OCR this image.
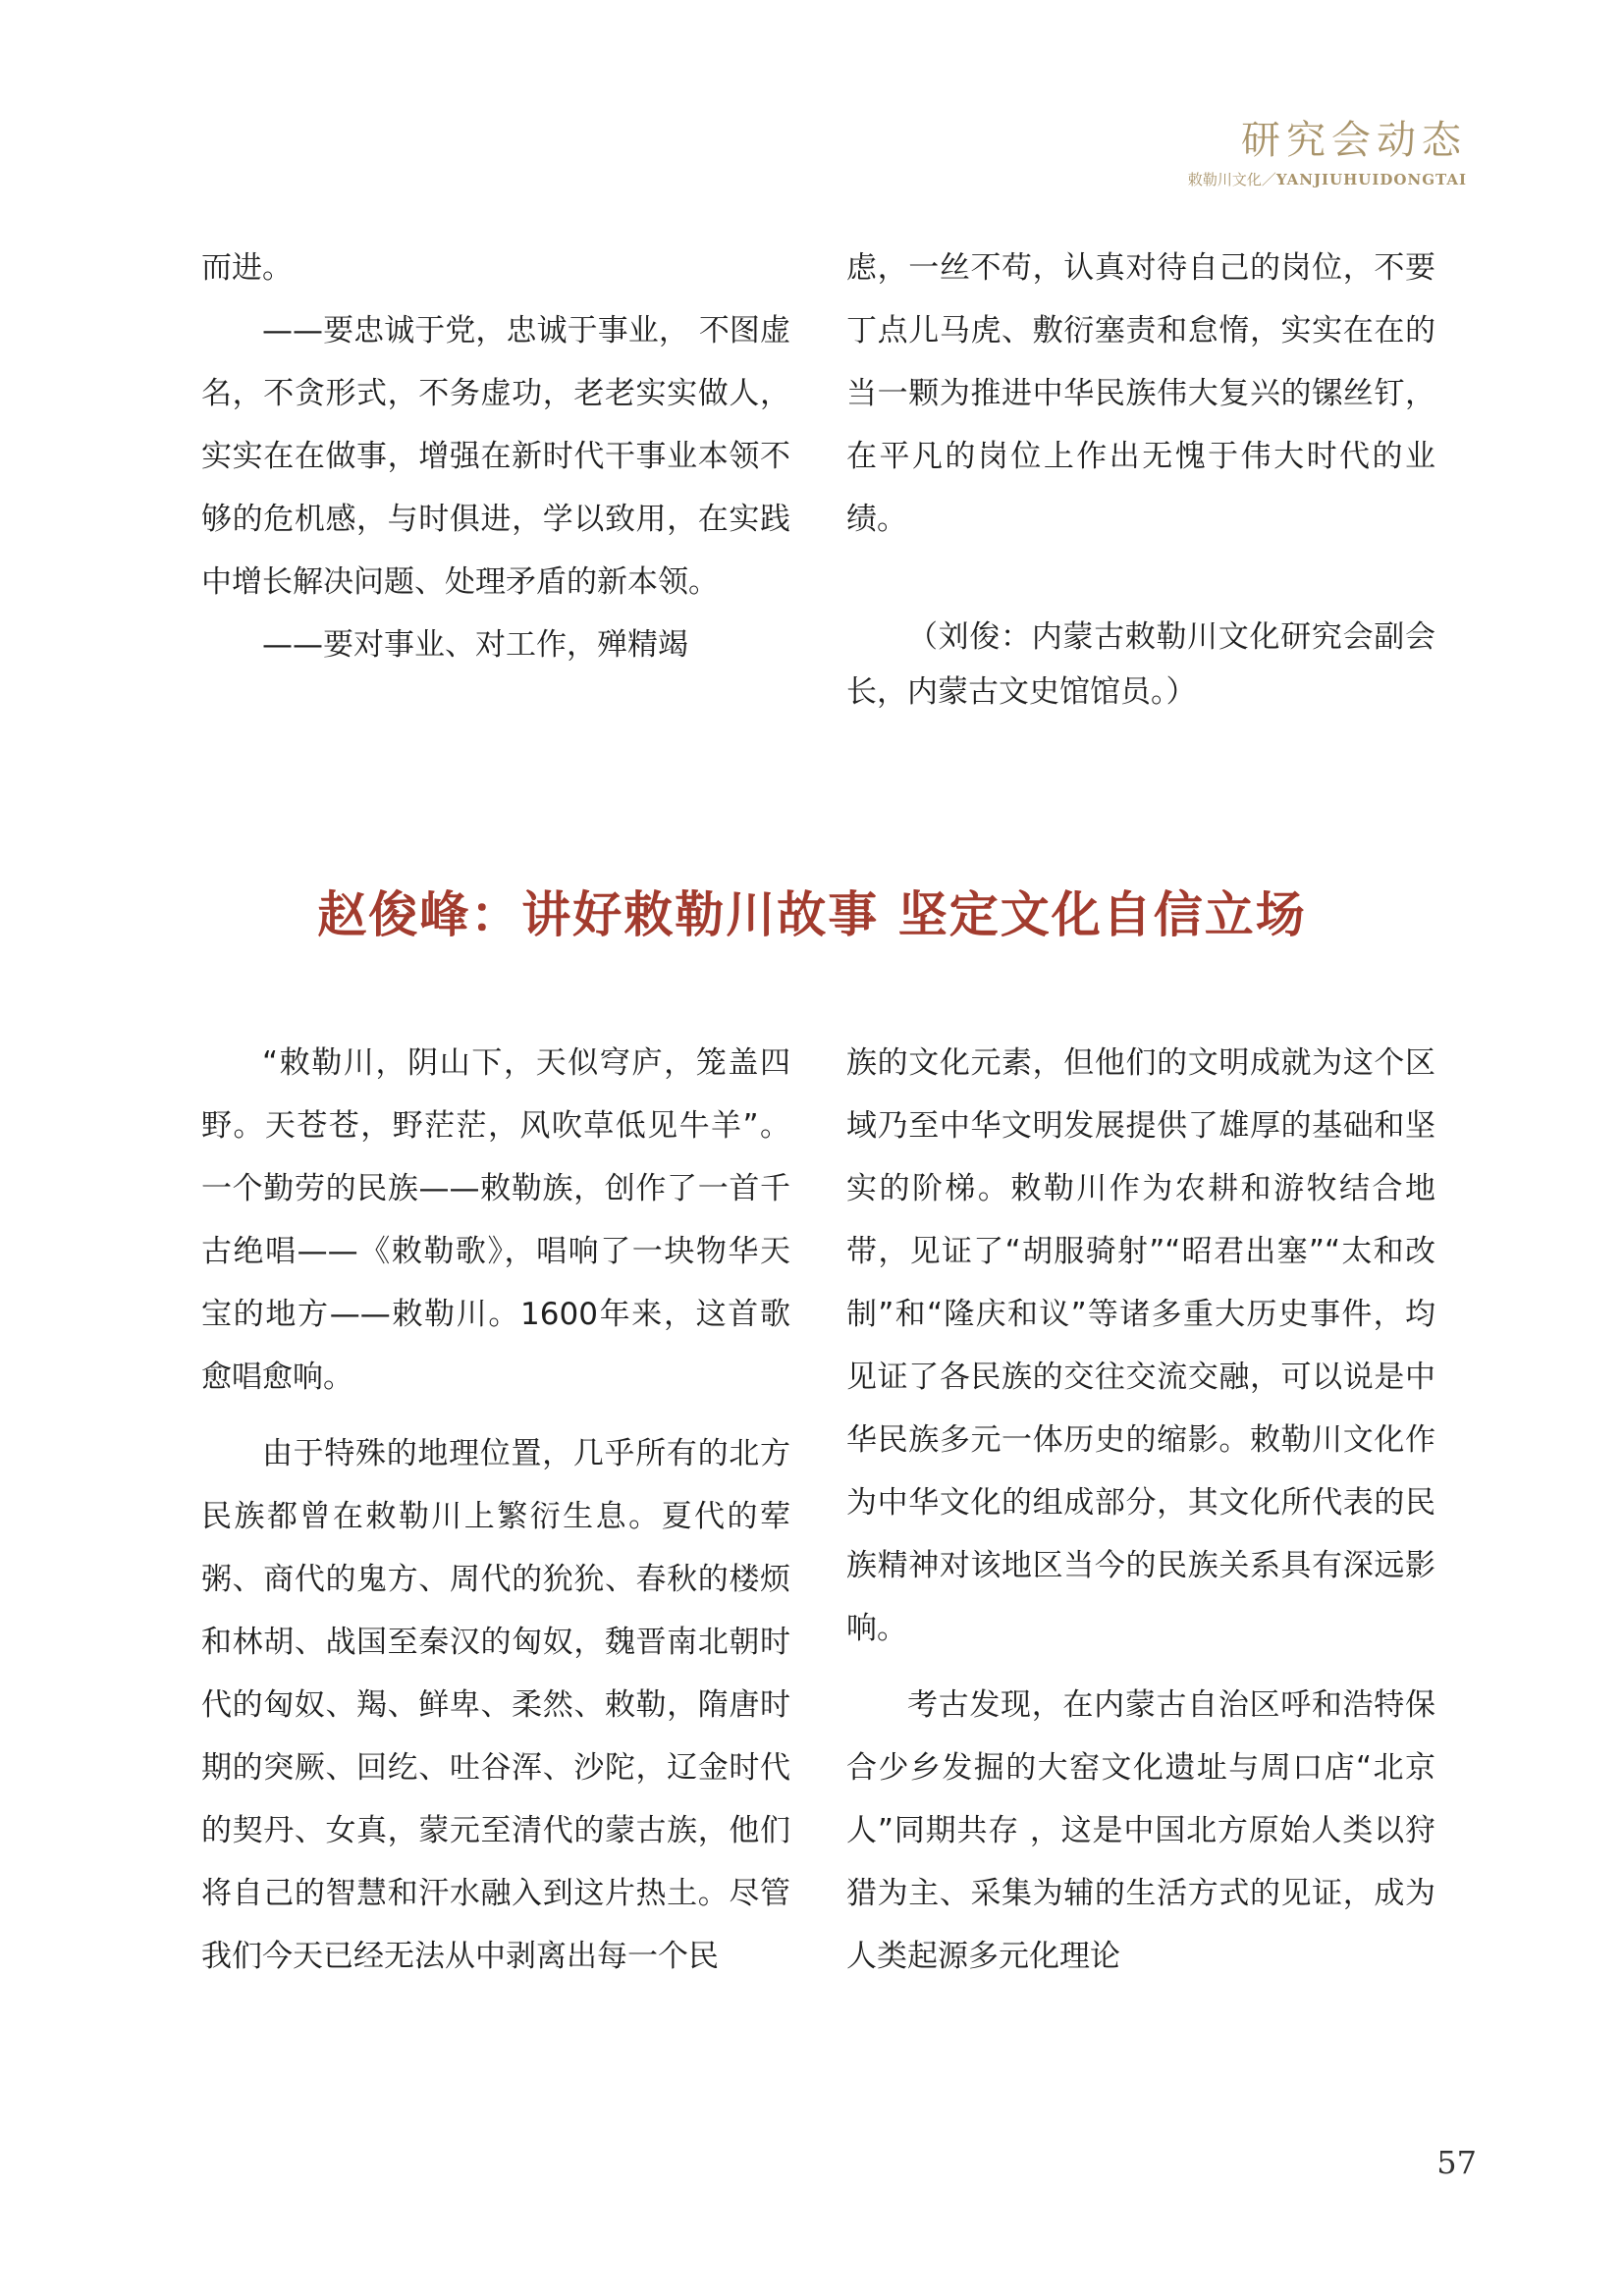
研究会动态
敕勒川文化／YANJIUHUIDONGTAI

而进。

——要忠诚于党，忠诚于事业， 不图虚名，不贪形式，不务虚功，老老实实做人，实实在在做事，增强在新时代干事业本领不够的危机感，与时俱进，学以致用，在实践中增长解决问题、处理矛盾的新本领。

——要对事业、对工作，殚精竭

虑，一丝不苟，认真对待自己的岗位，不要丁点儿马虎、敷衍塞责和怠惰，实实在在的当一颗为推进中华民族伟大复兴的镙丝钉，在平凡的岗位上作出无愧于伟大时代的业绩。

（刘俊：内蒙古敕勒川文化研究会副会长，内蒙古文史馆馆员。）

赵俊峰：讲好敕勒川故事 坚定文化自信立场

“敕勒川，阴山下，天似穹庐，笼盖四野。天苍苍，野茫茫，风吹草低见牛羊”。一个勤劳的民族——敕勒族，创作了一首千古绝唱——《敕勒歌》，唱响了一块物华天宝的地方——敕勒川。1600年来，这首歌愈唱愈响。

由于特殊的地理位置，几乎所有的北方民族都曾在敕勒川上繁衍生息。夏代的荤粥、商代的鬼方、周代的狁狁、春秋的楼烦和林胡、战国至秦汉的匈奴，魏晋南北朝时代的匈奴、羯、鲜卑、柔然、敕勒，隋唐时期的突厥、回纥、吐谷浑、沙陀，辽金时代的契丹、女真，蒙元至清代的蒙古族，他们将自己的智慧和汗水融入到这片热土。尽管我们今天已经无法从中剥离出每一个民

族的文化元素，但他们的文明成就为这个区域乃至中华文明发展提供了雄厚的基础和坚实的阶梯。敕勒川作为农耕和游牧结合地带，见证了“胡服骑射”“昭君出塞”“太和改制”和“隆庆和议”等诸多重大历史事件，均见证了各民族的交往交流交融，可以说是中华民族多元一体历史的缩影。敕勒川文化作为中华文化的组成部分，其文化所代表的民族精神对该地区当今的民族关系具有深远影响。

考古发现，在内蒙古自治区呼和浩特保合少乡发掘的大窑文化遗址与周口店“北京人”同期共存 ，这是中国北方原始人类以狩猎为主、采集为辅的生活方式的见证，成为人类起源多元化理论

57
